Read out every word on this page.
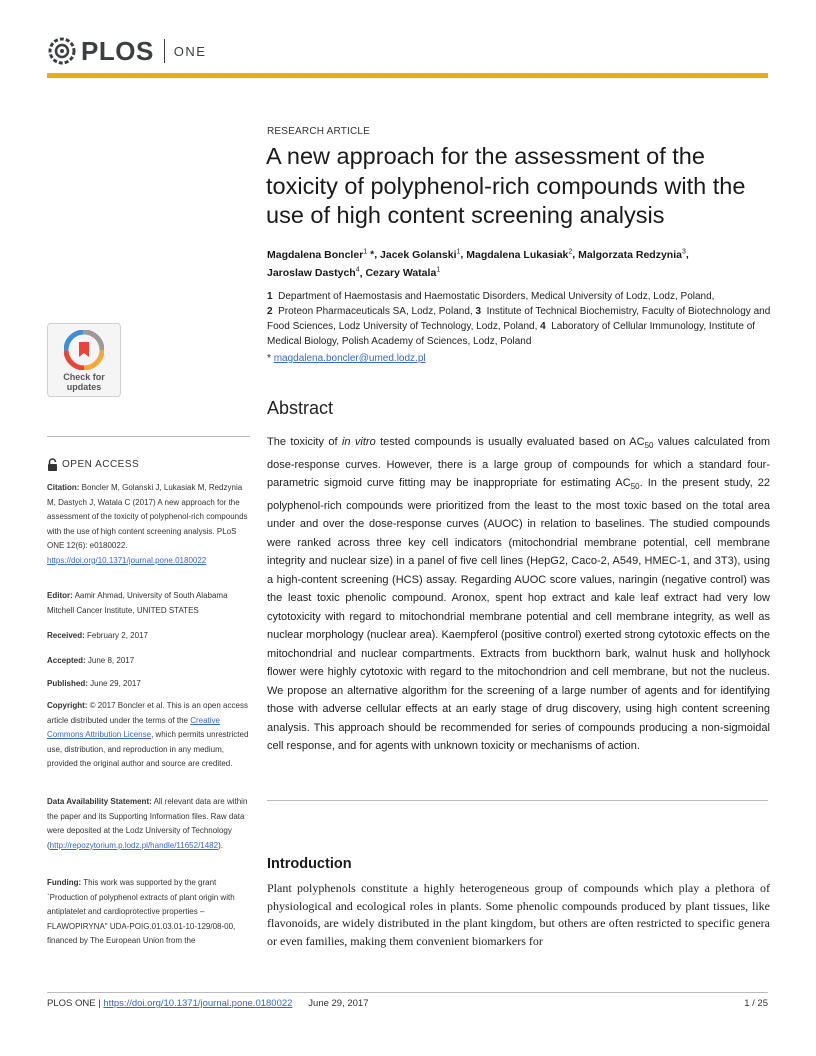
PLOS ONE
RESEARCH ARTICLE
A new approach for the assessment of the toxicity of polyphenol-rich compounds with the use of high content screening analysis
Magdalena Boncler$^1$ *, Jacek Golanski$^1$, Magdalena Lukasiak$^2$, Malgorzata Redzynia$^3$,
Jaroslaw Dastych$^4$, Cezary Watala$^1$
1 Department of Haemostasis and Haemostatic Disorders, Medical University of Lodz, Lodz, Poland,
2 Proteon Pharmaceuticals SA, Lodz, Poland, 3 Institute of Technical Biochemistry, Faculty of Biotechnology and Food Sciences, Lodz University of Technology, Lodz, Poland, 4 Laboratory of Cellular Immunology, Institute of Medical Biology, Polish Academy of Sciences, Lodz, Poland
* magdalena.boncler@umed.lodz.pl
Abstract
The toxicity of in vitro tested compounds is usually evaluated based on $AC_{50}$ values calculated from dose-response curves. However, there is a large group of compounds for which a standard four-parametric sigmoid curve fitting may be inappropriate for estimating $AC_{50}$. In the present study, 22 polyphenol-rich compounds were prioritized from the least to the most toxic based on the total area under and over the dose-response curves (AUOC) in relation to baselines. The studied compounds were ranked across three key cell indicators (mitochondrial membrane potential, cell membrane integrity and nuclear size) in a panel of five cell lines (HepG2, Caco-2, A549, HMEC-1, and 3T3), using a high-content screening (HCS) assay. Regarding AUOC score values, naringin (negative control) was the least toxic phenolic compound. Aronox, spent hop extract and kale leaf extract had very low cytotoxicity with regard to mitochondrial membrane potential and cell membrane integrity, as well as nuclear morphology (nuclear area). Kaempferol (positive control) exerted strong cytotoxic effects on the mitochondrial and nuclear compartments. Extracts from buckthorn bark, walnut husk and hollyhock flower were highly cytotoxic with regard to the mitochondrion and cell membrane, but not the nucleus. We propose an alternative algorithm for the screening of a large number of agents and for identifying those with adverse cellular effects at an early stage of drug discovery, using high content screening analysis. This approach should be recommended for series of compounds producing a non-sigmoidal cell response, and for agents with unknown toxicity or mechanisms of action.
Introduction
Plant polyphenols constitute a highly heterogeneous group of compounds which play a plethora of physiological and ecological roles in plants. Some phenolic compounds produced by plant tissues, like flavonoids, are widely distributed in the plant kingdom, but others are often restricted to specific genera or even families, making them convenient biomarkers for
Check for
updates
OPEN ACCESS
Citation: Boncler M, Golanski J, Lukasiak M, Redzynia M, Dastych J, Watala C (2017) A new approach for the assessment of the toxicity of polyphenol-rich compounds with the use of high content screening analysis. PLoS ONE 12(6): e0180022. https://doi.org/10.1371/journal.pone.0180022
Editor: Aamir Ahmad, University of South Alabama Mitchell Cancer Institute, UNITED STATES
Received: February 2, 2017
Accepted: June 8, 2017
Published: June 29, 2017
Copyright: © 2017 Boncler et al. This is an open access article distributed under the terms of the Creative Commons Attribution License, which permits unrestricted use, distribution, and reproduction in any medium, provided the original author and source are credited.
Data Availability Statement: All relevant data are within the paper and its Supporting Information files. Raw data were deposited at the Lodz University of Technology (http://repozytorium.p.lodz.pl/handle/11652/1482).
Funding: This work was supported by the grant `Production of polyphenol extracts of plant origin with antiplatelet and cardioprotective properties – FLAWOPIRYNA" UDA-POIG.01.03.01-10-129/08-00, financed by The European Union from the
PLOS ONE | https://doi.org/10.1371/journal.pone.0180022 June 29, 2017	1 / 25
